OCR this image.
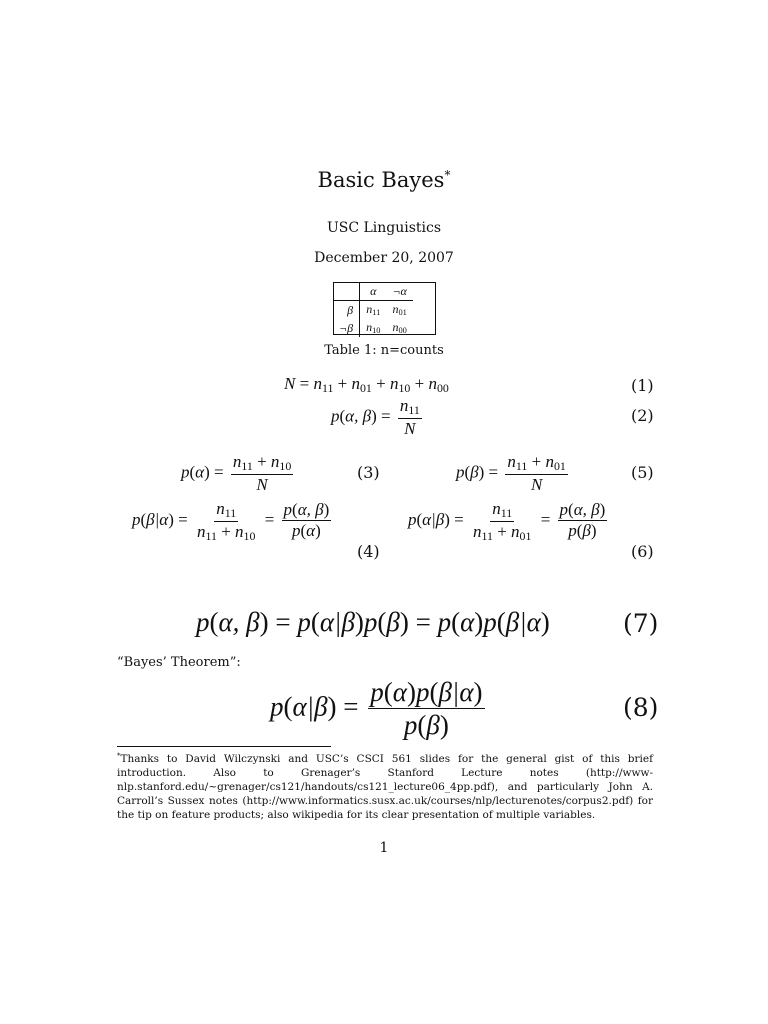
Basic Bayes*
USC Linguistics
December 20, 2007
	α	¬α
β	$n_{11}$	$n_{01}$
¬β	$n_{10}$	$n_{00}$
Table 1: n=counts
$N = n_{11} + n_{01} + n_{10} + n_{00}$	(1)
p(α, $\beta) = \frac{n_{11}}{N}$	(2)
$p(\alpha) = \frac{n_{11} + n_{10}}{N}$	(3)	$p(\beta) = \frac{n_{11} + n_{01}}{N}$	(5)
$p(\beta|\alpha) = \frac{n_{11}}{n_{11} + n_{10}} = \frac{p(\alpha, \beta)}{p(\alpha)}$
(4)
$p(\alpha|\beta) = \frac{n_{11}}{n_{11} + n_{01}} = \frac{p(\alpha, \beta)}{p(\beta)}$
(6)
p(α, β) = p(α|β)p(β) = p(α)p(β|α)	(7)
“Bayes’ Theorem”:
$p(\alpha|\beta) = \frac{p(\alpha)p(\beta|\alpha)}{p(\beta)}$	(8)
*Thanks to David Wilczynski and USC’s CSCI 561 slides for the general gist of this brief introduction. Also to Grenager’s Stanford Lecture notes (http://www-nlp.stanford.edu/~grenager/cs121/handouts/cs121_lecture06_4pp.pdf), and particularly John A. Carroll’s Sussex notes (http://www.informatics.susx.ac.uk/courses/nlp/lecturenotes/corpus2.pdf) for the tip on feature products; also wikipedia for its clear presentation of multiple variables.
1
